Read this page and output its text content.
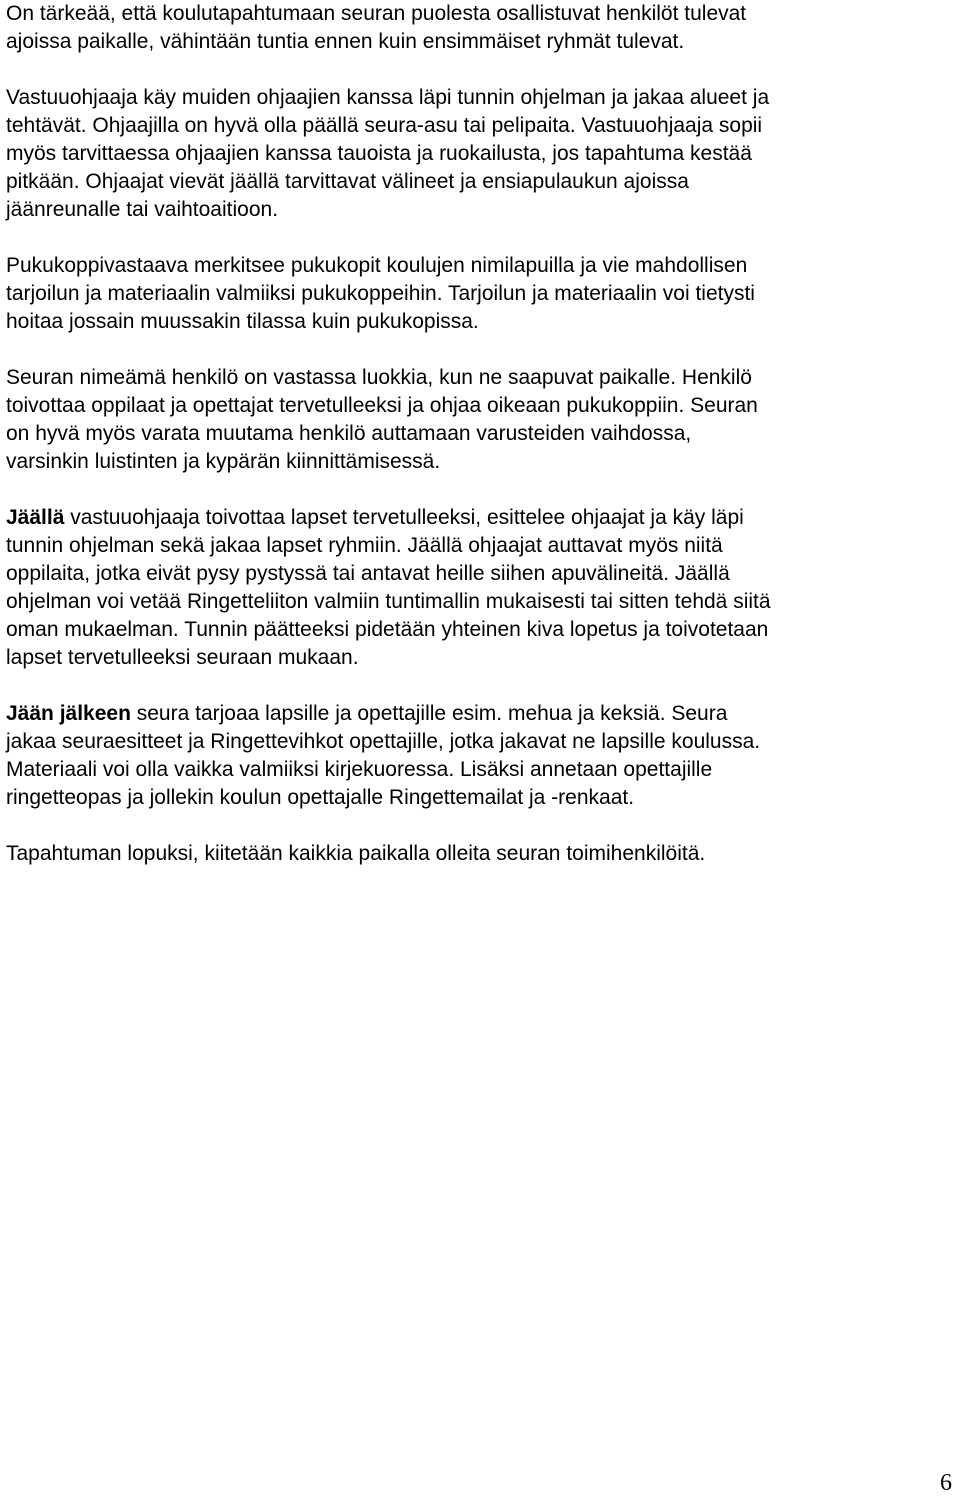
On tärkeää, että koulutapahtumaan seuran puolesta osallistuvat henkilöt tulevat
ajoissa paikalle, vähintään tuntia ennen kuin ensimmäiset ryhmät tulevat.

Vastuuohjaaja käy muiden ohjaajien kanssa läpi tunnin ohjelman ja jakaa alueet ja
tehtävät. Ohjaajilla on hyvä olla päällä seura-asu tai pelipaita. Vastuuohjaaja sopii
myös tarvittaessa ohjaajien kanssa tauoista ja ruokailusta, jos tapahtuma kestää
pitkään. Ohjaajat vievät jäällä tarvittavat välineet ja ensiapulaukun ajoissa
jäänreunalle tai vaihtoaitioon.

Pukukoppivastaava merkitsee pukukopit koulujen nimilapuilla ja vie mahdollisen
tarjoilun ja materiaalin valmiiksi pukukoppeihin. Tarjoilun ja materiaalin voi tietysti
hoitaa jossain muussakin tilassa kuin pukukopissa.

Seuran nimeämä henkilö on vastassa luokkia, kun ne saapuvat paikalle. Henkilö
toivottaa oppilaat ja opettajat tervetulleeksi ja ohjaa oikeaan pukukoppiin. Seuran
on hyvä myös varata muutama henkilö auttamaan varusteiden vaihdossa,
varsinkin luistinten ja kypärän kiinnittämisessä.

Jäällä vastuuohjaaja toivottaa lapset tervetulleeksi, esittelee ohjaajat ja käy läpi
tunnin ohjelman sekä jakaa lapset ryhmiin. Jäällä ohjaajat auttavat myös niitä
oppilaita, jotka eivät pysy pystyssä tai antavat heille siihen apuvälineitä. Jäällä
ohjelman voi vetää Ringetteliiton valmiin tuntimallin mukaisesti tai sitten tehdä siitä
oman mukaelman. Tunnin päätteeksi pidetään yhteinen kiva lopetus ja toivotetaan
lapset tervetulleeksi seuraan mukaan.

Jään jälkeen seura tarjoaa lapsille ja opettajille esim. mehua ja keksiä. Seura
jakaa seuraesitteet ja Ringettevihkot opettajille, jotka jakavat ne lapsille koulussa.
Materiaali voi olla vaikka valmiiksi kirjekuoressa. Lisäksi annetaan opettajille
ringetteopas ja jollekin koulun opettajalle Ringettemailat ja -renkaat.

Tapahtuman lopuksi, kiitetään kaikkia paikalla olleita seuran toimihenkilöitä.

6
